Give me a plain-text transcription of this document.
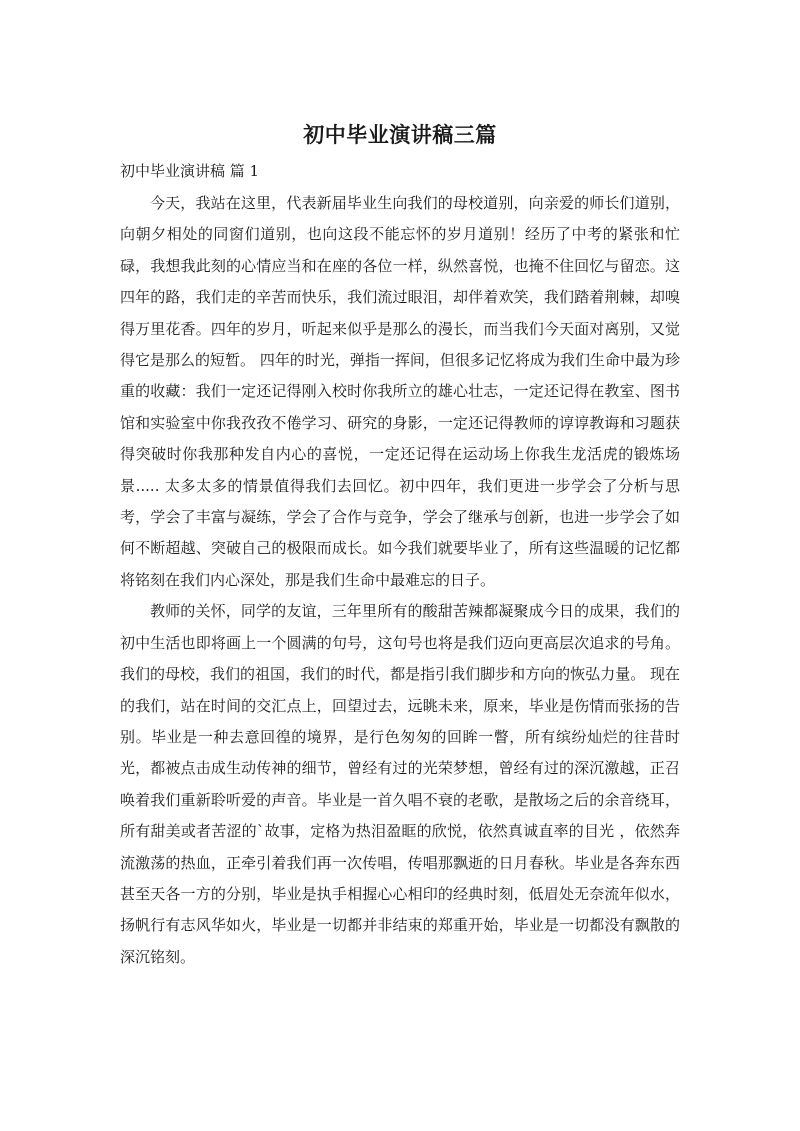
初中毕业演讲稿三篇
初中毕业演讲稿 篇 1

今天，我站在这里，代表新届毕业生向我们的母校道别，向亲爱的师长们道别，向朝夕相处的同窗们道别，也向这段不能忘怀的岁月道别！经历了中考的紧张和忙碌，我想我此刻的心情应当和在座的各位一样，纵然喜悦，也掩不住回忆与留恋。这四年的路，我们走的辛苦而快乐，我们流过眼泪，却伴着欢笑，我们踏着荆棘，却嗅得万里花香。四年的岁月，听起来似乎是那么的漫长，而当我们今天面对离别，又觉得它是那么的短暂。 四年的时光，弹指一挥间，但很多记忆将成为我们生命中最为珍重的收藏：我们一定还记得刚入校时你我所立的雄心壮志，一定还记得在教室、图书馆和实验室中你我孜孜不倦学习、研究的身影，一定还记得教师的谆谆教诲和习题获得突破时你我那种发自内心的喜悦，一定还记得在运动场上你我生龙活虎的锻炼场景..... 太多太多的情景值得我们去回忆。初中四年，我们更进一步学会了分析与思考，学会了丰富与凝练，学会了合作与竞争，学会了继承与创新，也进一步学会了如何不断超越、突破自己的极限而成长。如今我们就要毕业了，所有这些温暖的记忆都将铭刻在我们内心深处，那是我们生命中最难忘的日子。

教师的关怀，同学的友谊，三年里所有的酸甜苦辣都凝聚成今日的成果，我们的初中生活也即将画上一个圆满的句号，这句号也将是我们迈向更高层次追求的号角。我们的母校，我们的祖国，我们的时代，都是指引我们脚步和方向的恢弘力量。 现在的我们，站在时间的交汇点上，回望过去，远眺未来，原来，毕业是伤情而张扬的告别。毕业是一种去意回徨的境界，是行色匆匆的回眸一瞥，所有缤纷灿烂的往昔时光，都被点击成生动传神的细节，曾经有过的光荣梦想，曾经有过的深沉激越，正召唤着我们重新聆听爱的声音。毕业是一首久唱不衰的老歌，是散场之后的余音绕耳，所有甜美或者苦涩的`故事，定格为热泪盈眶的欣悦，依然真诚直率的目光 ，依然奔流激荡的热血，正牵引着我们再一次传唱，传唱那飘逝的日月春秋。毕业是各奔东西甚至天各一方的分别，毕业是执手相握心心相印的经典时刻，低眉处无奈流年似水，扬帆行有志风华如火，毕业是一切都并非结束的郑重开始，毕业是一切都没有飘散的深沉铭刻。
